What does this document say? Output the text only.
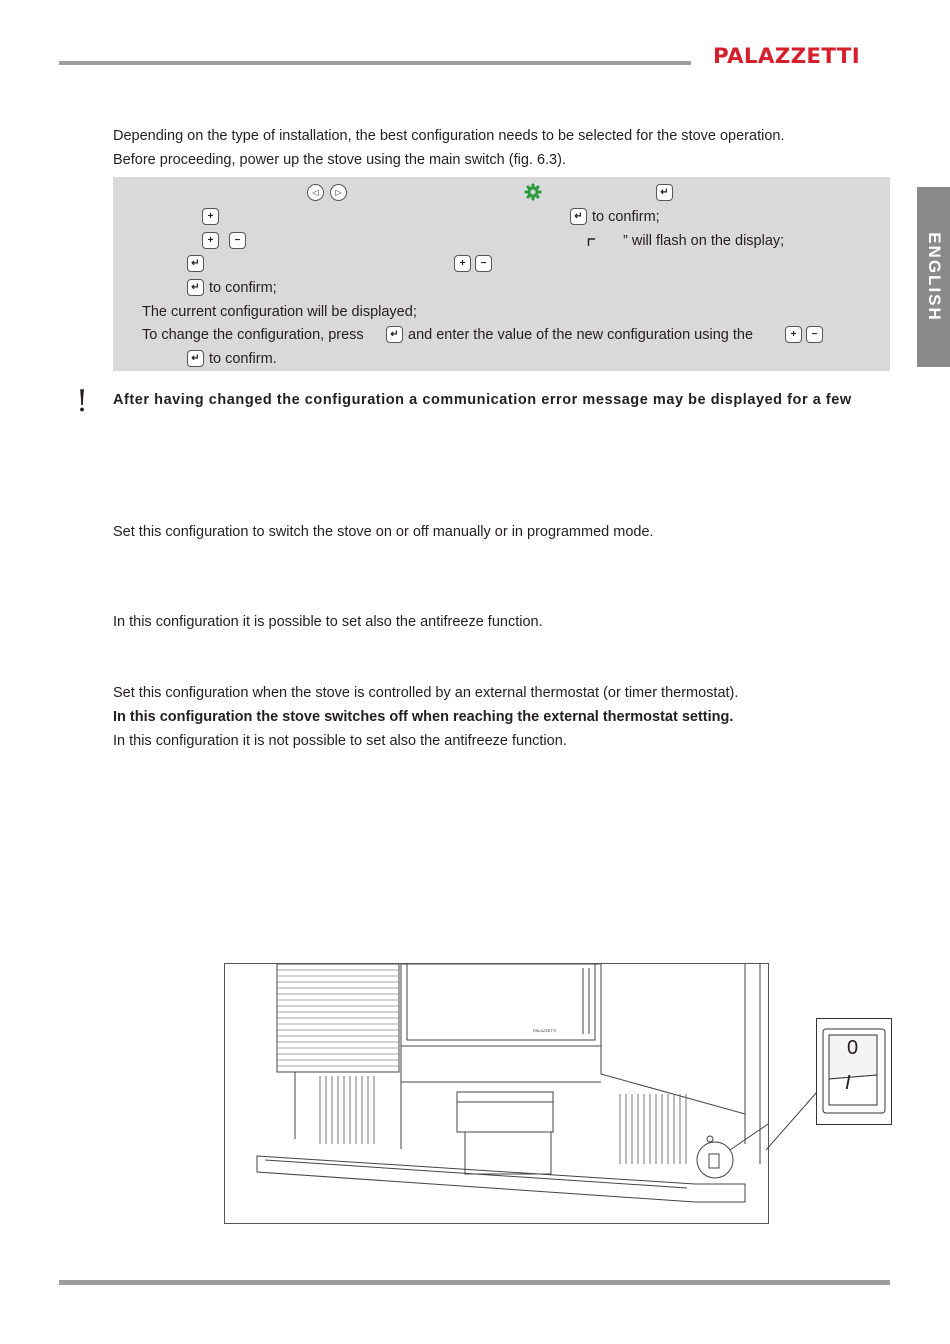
PALAZZETTI
ENGLISH
Depending on the type of installation, the best configuration needs to be selected for the stove operation.
Before proceeding, power up the stove using the main switch (fig. 6.3).
◁	▷	↵
+	↵ to confirm;
+	−	” will flash on the display;
↵	+	−
↵ to confirm;
The current configuration will be displayed;
To change the configuration, press	↵ and enter the value of the new configuration using the	+	−
↵ to confirm.
! After having changed the configuration a communication error message may be displayed for a few
Set this configuration to switch the stove on or off manually or in programmed mode.
In this configuration it is possible to set also the antifreeze function.
Set this configuration when the stove is controlled by an external thermostat (or timer thermostat).
In this configuration the stove switches off when reaching the external thermostat setting.
In this configuration it is not possible to set also the antifreeze function.
PALAZZETTI
0
I
